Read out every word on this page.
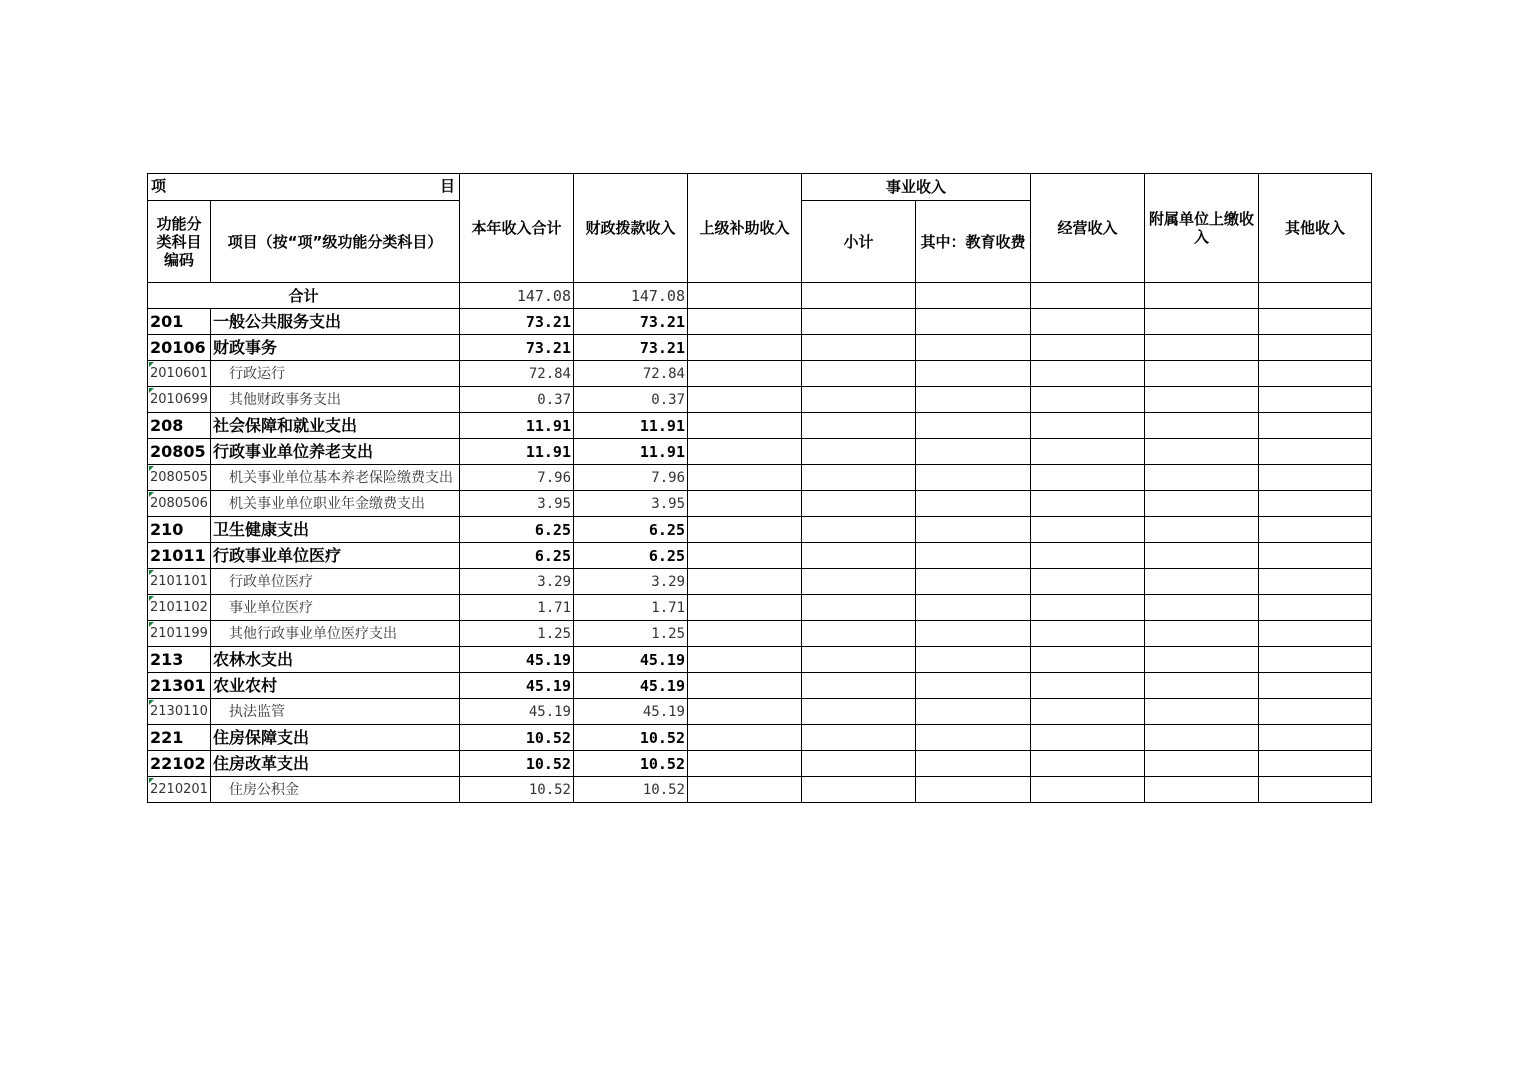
项 目		本年收入合计	财政拨款收入	上级补助收入	事业收入		经营收入	附属单位上缴收入	其他收入
功能分类科目编码	项目（按“项”级功能分类科目）				小计	其中：教育收费			
合计		147.08	147.08						
201	一般公共服务支出	73.21	73.21						
20106	财政事务	73.21	73.21						
2010601	行政运行	72.84	72.84						
2010699	其他财政事务支出	0.37	0.37						
208	社会保障和就业支出	11.91	11.91						
20805	行政事业单位养老支出	11.91	11.91						
2080505	机关事业单位基本养老保险缴费支出	7.96	7.96						
2080506	机关事业单位职业年金缴费支出	3.95	3.95						
210	卫生健康支出	6.25	6.25						
21011	行政事业单位医疗	6.25	6.25						
2101101	行政单位医疗	3.29	3.29						
2101102	事业单位医疗	1.71	1.71						
2101199	其他行政事业单位医疗支出	1.25	1.25						
213	农林水支出	45.19	45.19						
21301	农业农村	45.19	45.19						
2130110	执法监管	45.19	45.19						
221	住房保障支出	10.52	10.52						
22102	住房改革支出	10.52	10.52						
2210201	住房公积金	10.52	10.52						
